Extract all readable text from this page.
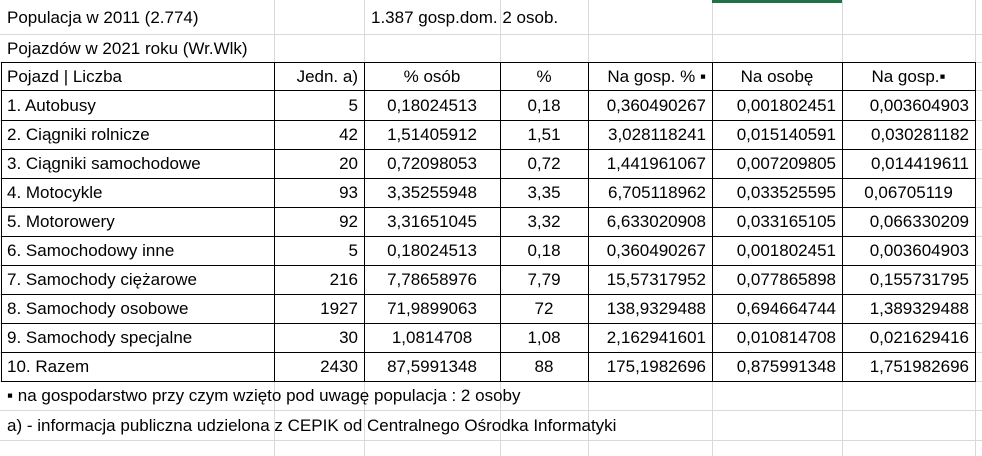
Populacja w 2011 (2.774)	1.387 gosp.dom. 2 osob.
Pojazdów w 2021 roku (Wr.Wlk)
Pojazd | Liczba	Jedn. a)	% osób	%	Na gosp. % ▪	Na osobę	Na gosp.▪
1. Autobusy	5	0,18024513	0,18	0,360490267	0,001802451	0,003604903
2. Ciągniki rolnicze	42	1,51405912	1,51	3,028118241	0,015140591	0,030281182
3. Ciągniki samochodowe	20	0,72098053	0,72	1,441961067	0,007209805	0,014419611
4. Motocykle	93	3,35255948	3,35	6,705118962	0,033525595	0,06705119
5. Motorowery	92	3,31651045	3,32	6,633020908	0,033165105	0,066330209
6. Samochodowy inne	5	0,18024513	0,18	0,360490267	0,001802451	0,003604903
7. Samochody ciężarowe	216	7,78658976	7,79	15,57317952	0,077865898	0,155731795
8. Samochody osobowe	1927	71,9899063	72	138,9329488	0,694664744	1,389329488
9. Samochody specjalne	30	1,0814708	1,08	2,162941601	0,010814708	0,021629416
10. Razem	2430	87,5991348	88	175,1982696	0,875991348	1,751982696
▪ na gospodarstwo przy czym wzięto pod uwagę populacja : 2 osoby
a) - informacja publiczna udzielona z CEPIK od Centralnego Ośrodka Informatyki
